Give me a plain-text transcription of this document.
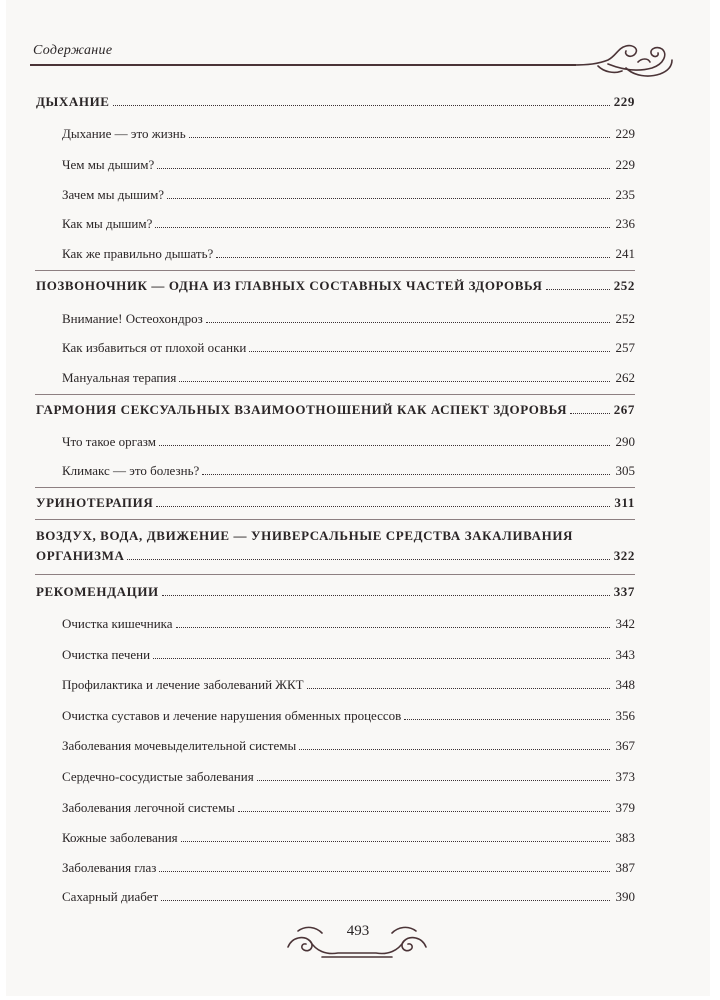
Содержание
ДЫХАНИЕ	229
Дыхание — это жизнь	229
Чем мы дышим?	229
Зачем мы дышим?	235
Как мы дышим?	236
Как же правильно дышать?	241
ПОЗВОНОЧНИК — ОДНА ИЗ ГЛАВНЫХ СОСТАВНЫХ ЧАСТЕЙ ЗДОРОВЬЯ	252
Внимание! Остеохондроз	252
Как избавиться от плохой осанки	257
Мануальная терапия	262
ГАРМОНИЯ СЕКСУАЛЬНЫХ ВЗАИМООТНОШЕНИЙ КАК АСПЕКТ ЗДОРОВЬЯ	267
Что такое оргазм	290
Климакс — это болезнь?	305
УРИНОТЕРАПИЯ	311
ВОЗДУХ, ВОДА, ДВИЖЕНИЕ — УНИВЕРСАЛЬНЫЕ СРЕДСТВА ЗАКАЛИВАНИЯ
ОРГАНИЗМА	322
РЕКОМЕНДАЦИИ	337
Очистка кишечника	342
Очистка печени	343
Профилактика и лечение заболеваний ЖКТ	348
Очистка суставов и лечение нарушения обменных процессов	356
Заболевания мочевыделительной системы	367
Сердечно-сосудистые заболевания	373
Заболевания легочной системы	379
Кожные заболевания	383
Заболевания глаз	387
Сахарный диабет	390
493
